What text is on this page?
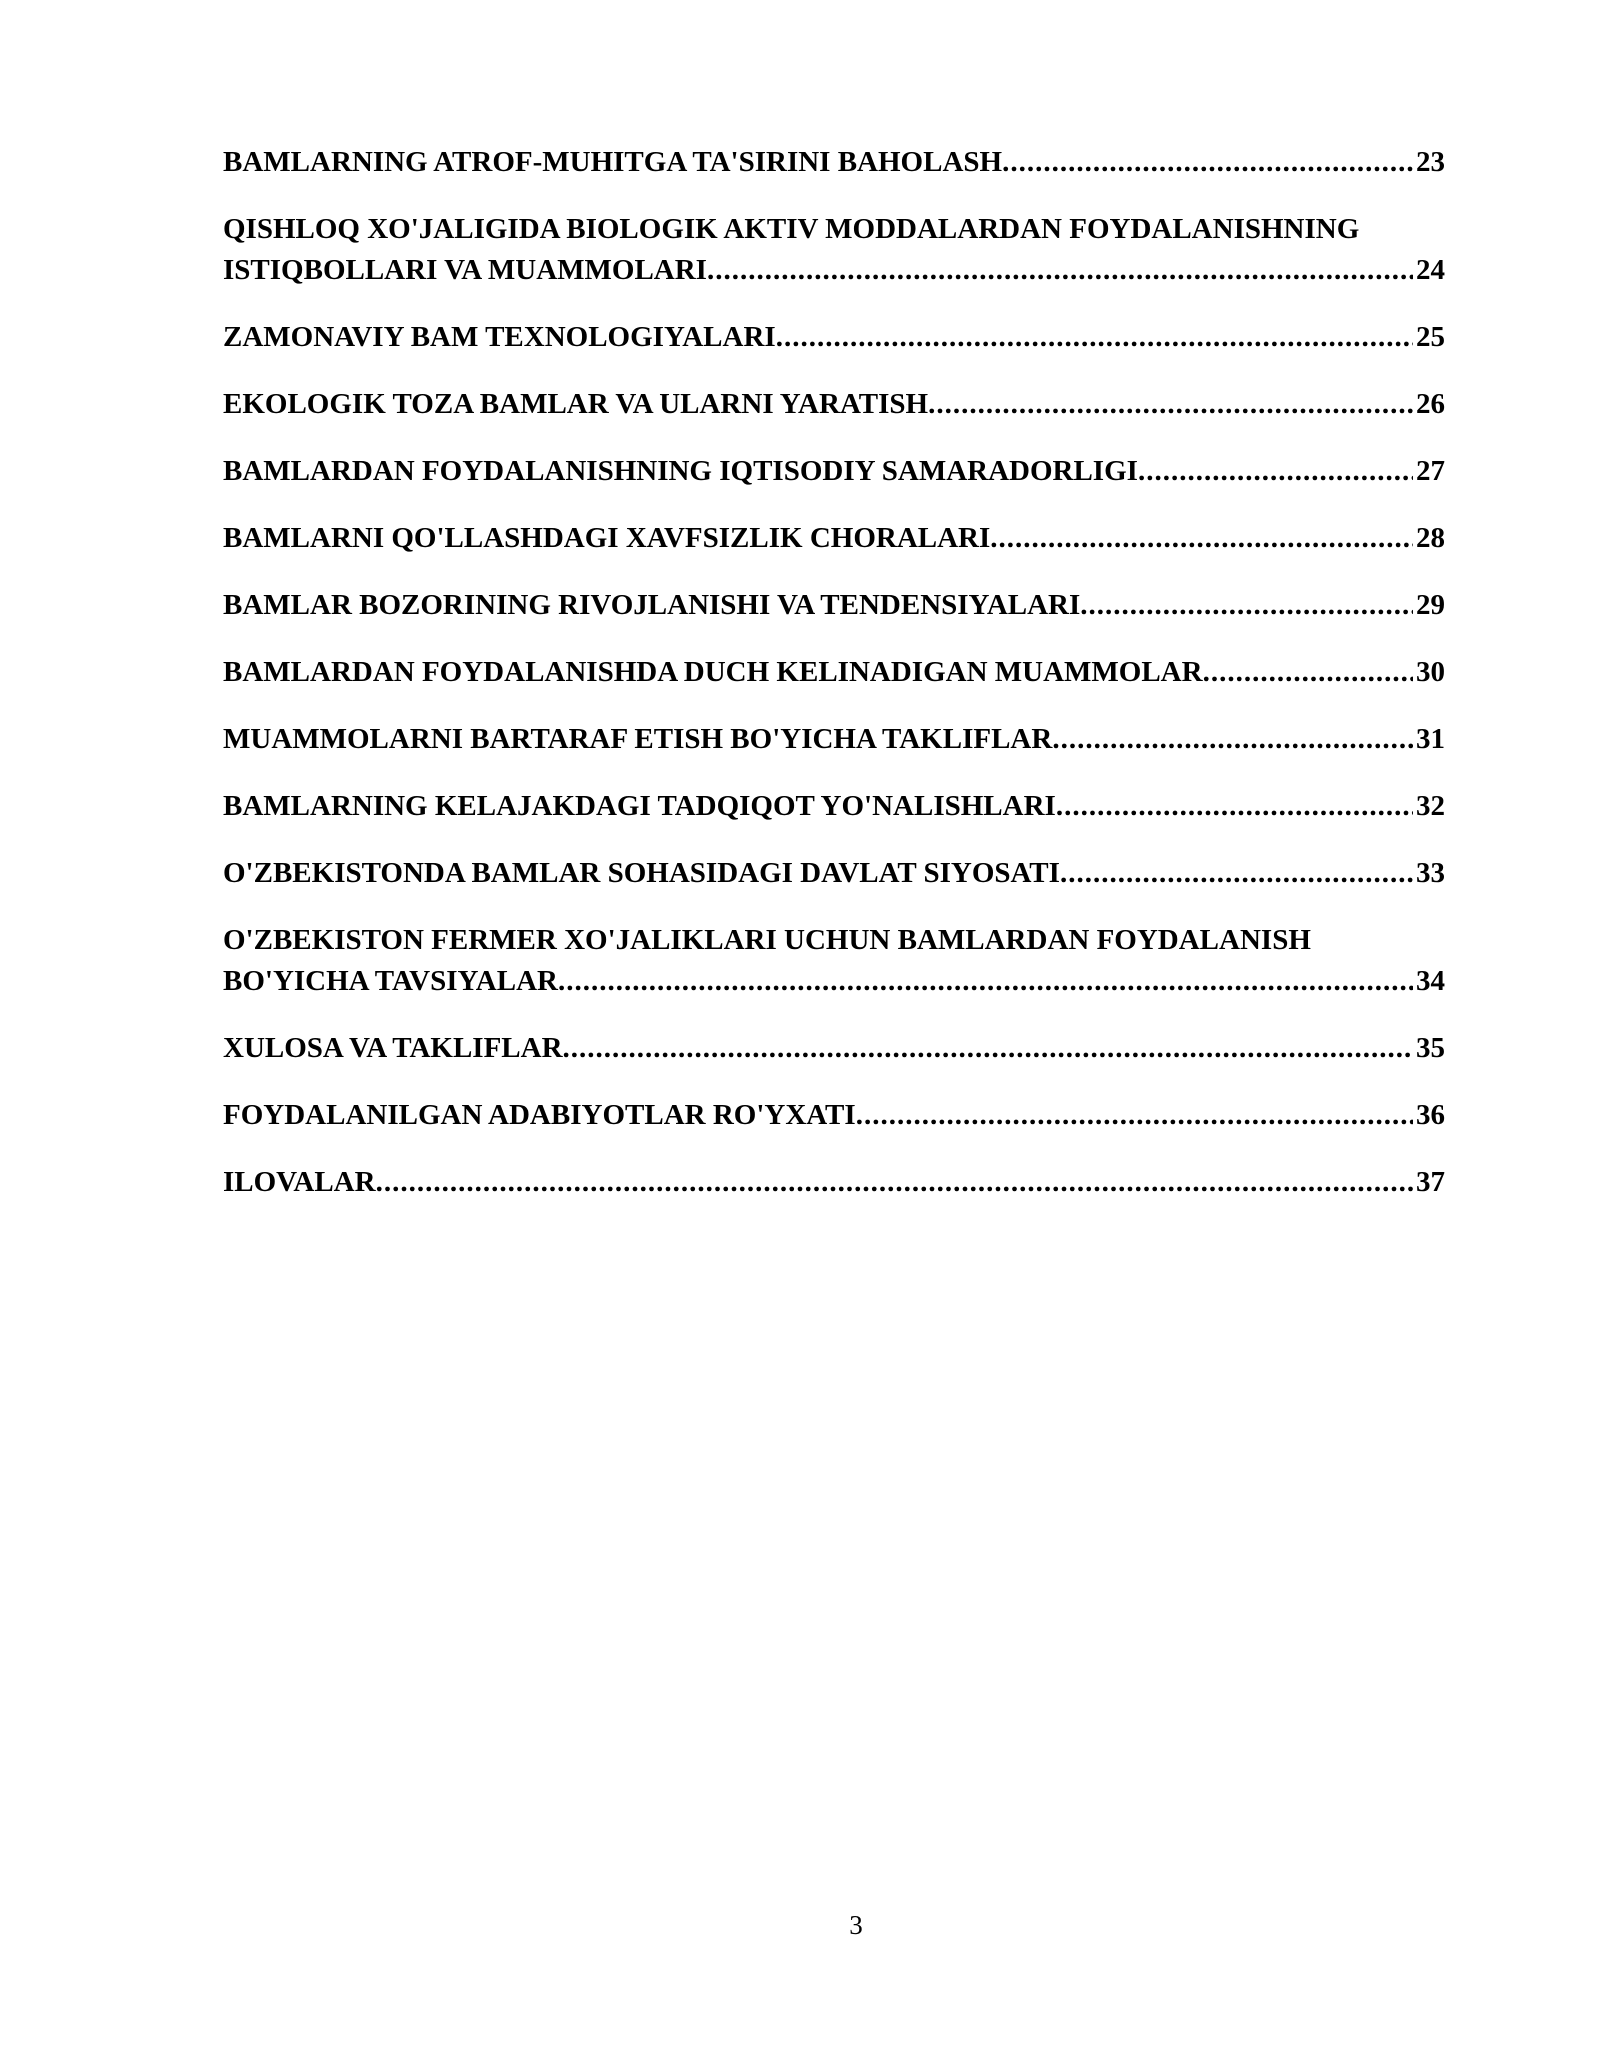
BAMLARNING ATROF-MUHITGA TA'SIRINI BAHOLASH .....	23
QISHLOQ XO'JALIGIDA BIOLOGIK AKTIV MODDALARDAN FOYDALANISHNING
ISTIQBOLLARI VA MUAMMOLARI .....	24
ZAMONAVIY BAM TEXNOLOGIYALARI .....	25
EKOLOGIK TOZA BAMLAR VA ULARNI YARATISH .....	26
BAMLARDAN FOYDALANISHNING IQTISODIY SAMARADORLIGI .....	27
BAMLARNI QO'LLASHDAGI XAVFSIZLIK CHORALARI .....	28
BAMLAR BOZORINING RIVOJLANISHI VA TENDENSIYALARI .....	29
BAMLARDAN FOYDALANISHDA DUCH KELINADIGAN MUAMMOLAR .....	30
MUAMMOLARNI BARTARAF ETISH BO'YICHA TAKLIFLAR .....	31
BAMLARNING KELAJAKDAGI TADQIQOT YO'NALISHLARI .....	32
O'ZBEKISTONDA BAMLAR SOHASIDAGI DAVLAT SIYOSATI .....	33
O'ZBEKISTON FERMER XO'JALIKLARI UCHUN BAMLARDAN FOYDALANISH
BO'YICHA TAVSIYALAR .....	34
XULOSA VA TAKLIFLAR .....	35
FOYDALANILGAN ADABIYOTLAR RO'YXATI .....	36
ILOVALAR .....	37
3
